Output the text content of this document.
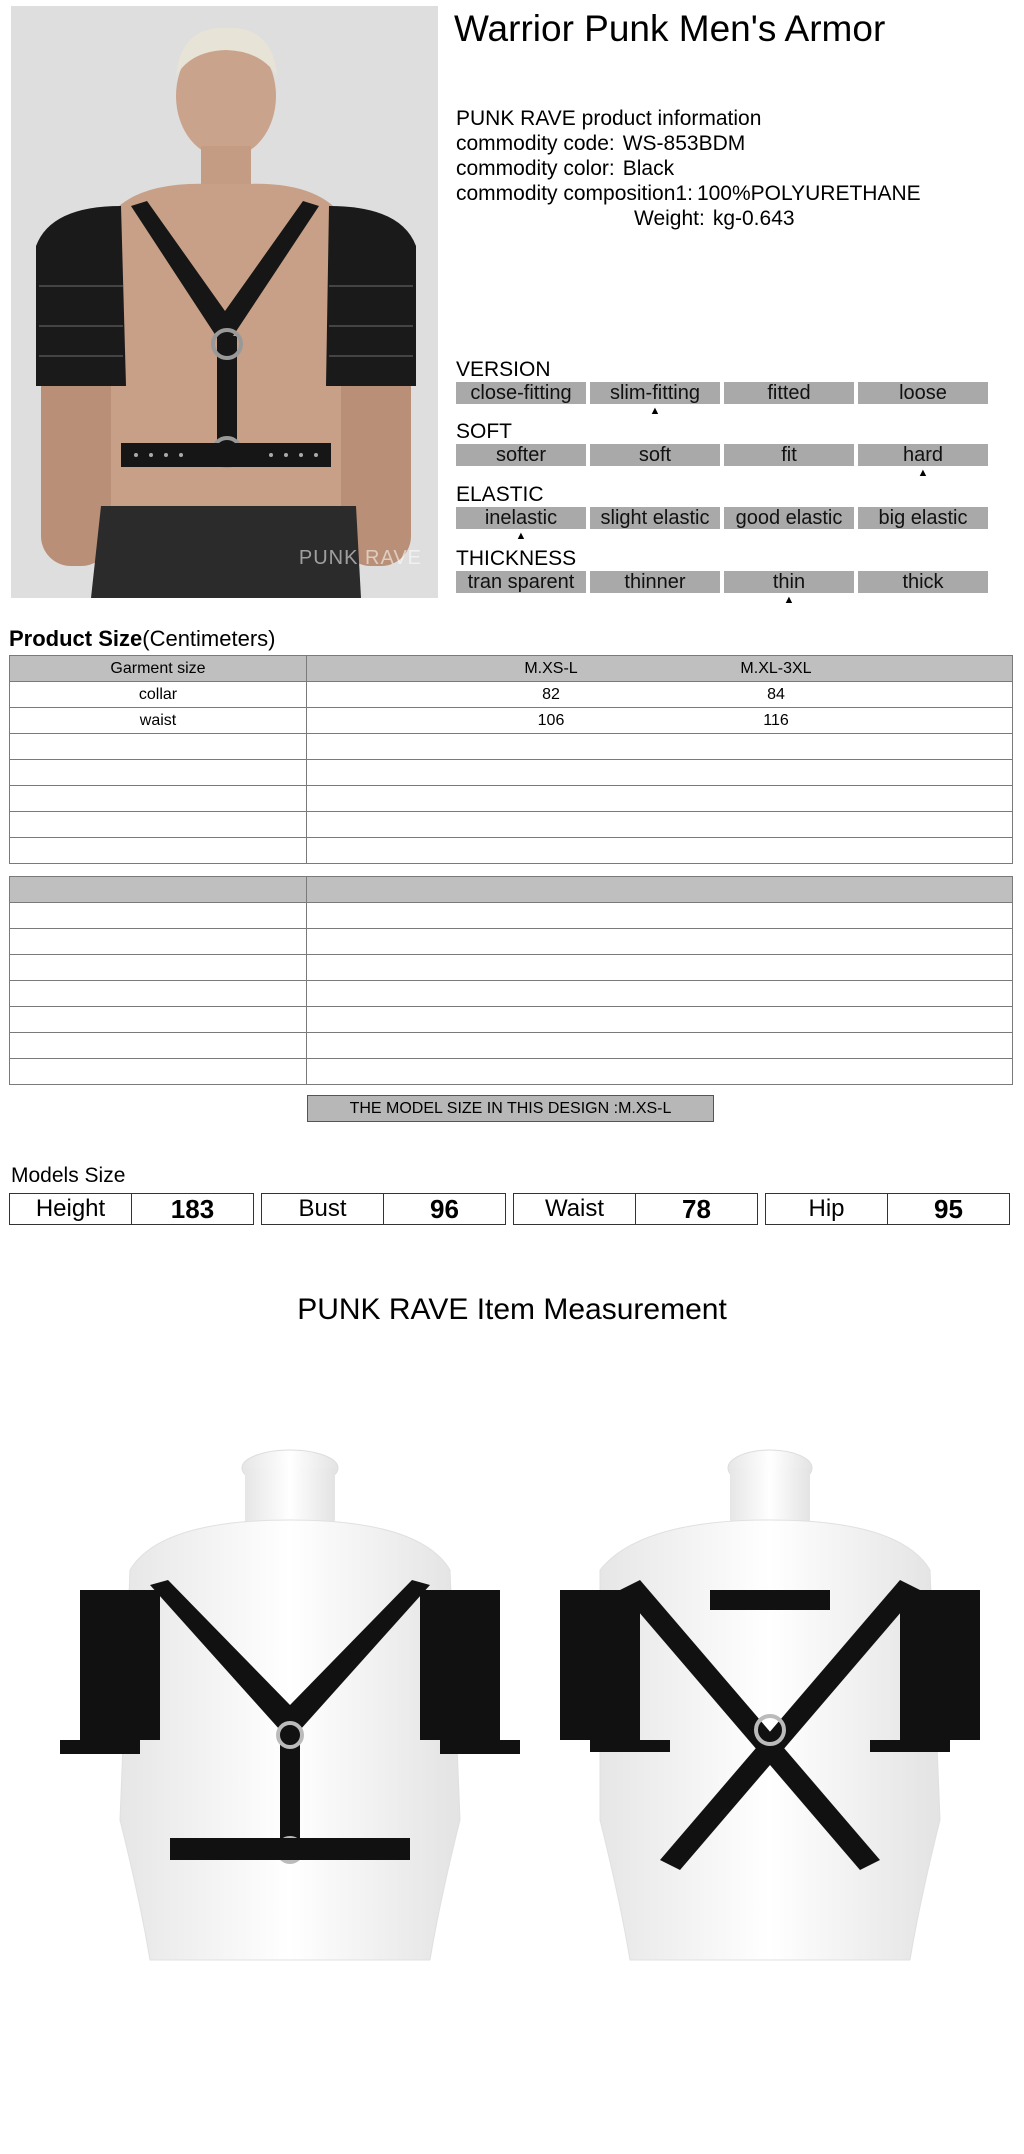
PUNK RAVE
Warrior Punk Men's Armor
PUNK RAVE product information
commodity code: WS-853BDM
commodity color: Black
commodity composition1: 100%POLYURETHANE
Weight: kg-0.643
VERSION
close-fitting	slim-fitting	fitted	loose
▲
SOFT
softer	soft	fit	hard
▲
ELASTIC
inelastic	slight elastic	good elastic	big elastic
▲
THICKNESS
tran sparent	thinner	thin	thick
▲
Product Size(Centimeters)
Garment size	M.XS-L M.XL-3XL

collar	82 84

waist	106 116

THE MODEL SIZE IN THIS DESIGN :M.XS-L
Models Size
Height	183	Bust	96	Waist	78	Hip	95
PUNK RAVE Item Measurement
